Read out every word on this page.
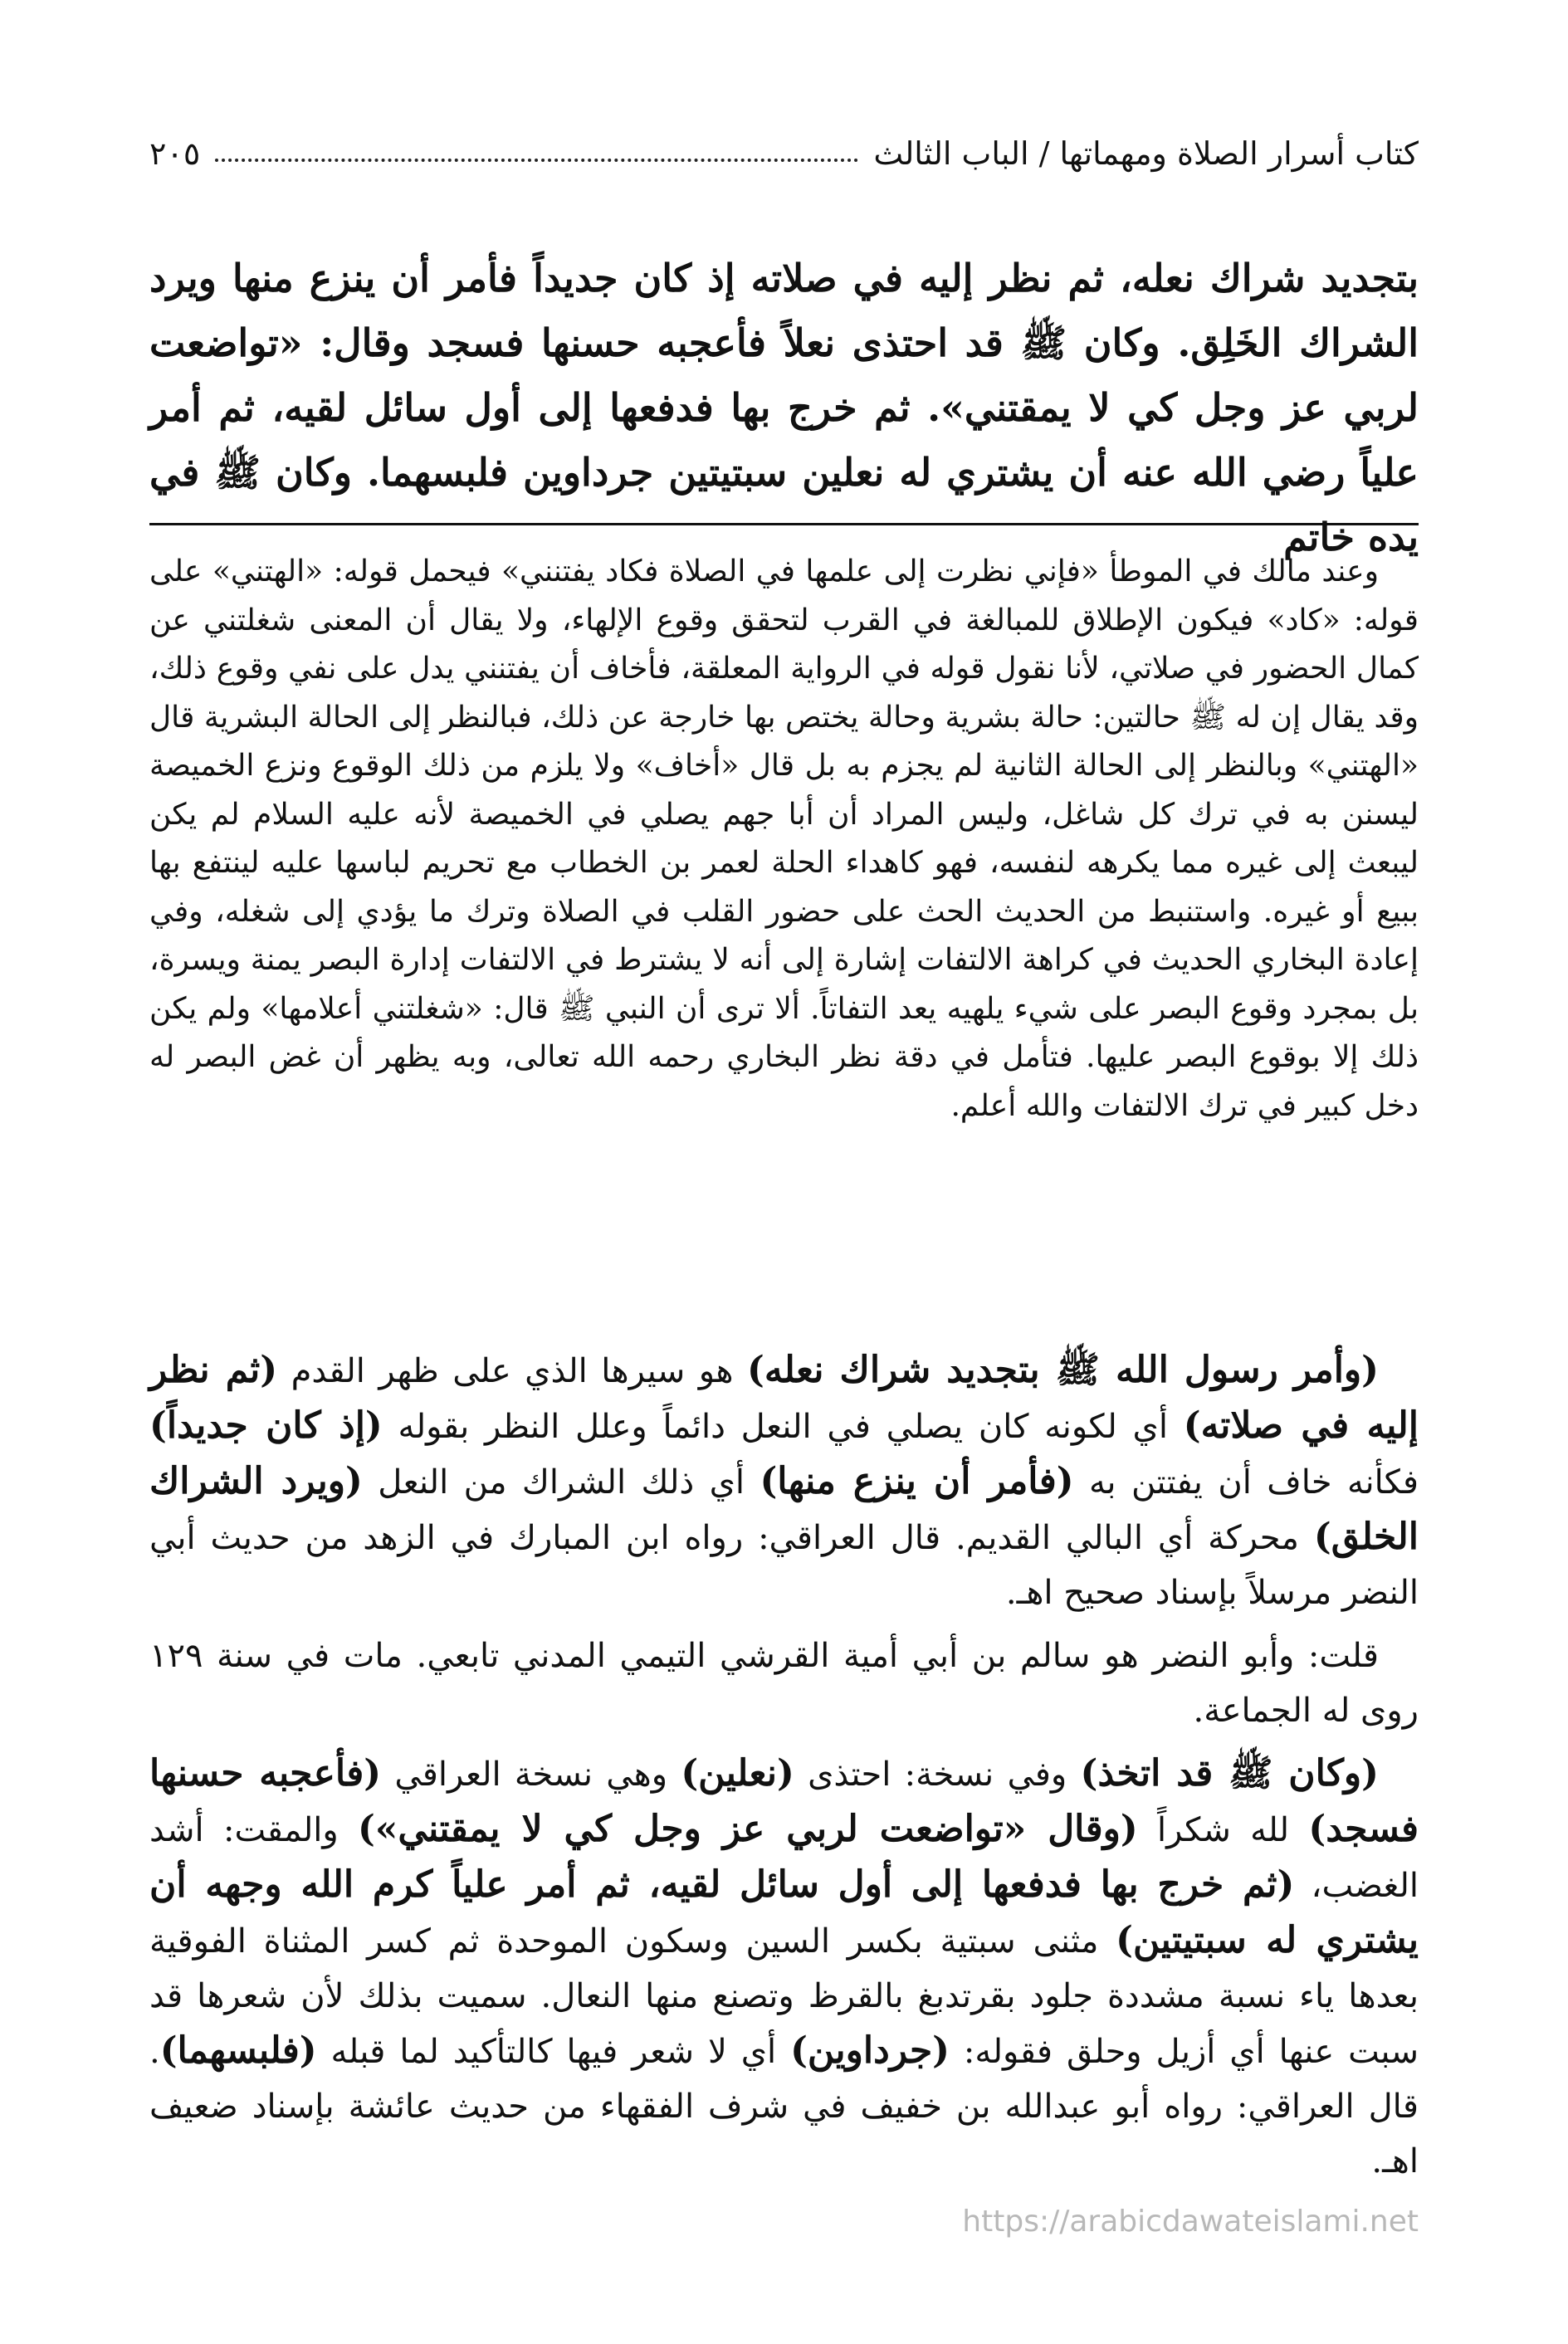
كتاب أسرار الصلاة ومهماتها / الباب الثالث
٢٠٥

بتجديد شراك نعله، ثم نظر إليه في صلاته إذ كان جديداً فأمر أن ينزع منها ويرد الشراك الخَلِق. وكان ﷺ قد احتذى نعلاً فأعجبه حسنها فسجد وقال: «تواضعت لربي عز وجل كي لا يمقتني». ثم خرج بها فدفعها إلى أول سائل لقيه، ثم أمر علياً رضي الله عنه أن يشتري له نعلين سبتيتين جرداوين فلبسهما. وكان ﷺ في يده خاتم

وعند مالك في الموطأ «فإني نظرت إلى علمها في الصلاة فكاد يفتنني» فيحمل قوله: «الهتني» على قوله: «كاد» فيكون الإطلاق للمبالغة في القرب لتحقق وقوع الإلهاء، ولا يقال أن المعنى شغلتني عن كمال الحضور في صلاتي، لأنا نقول قوله في الرواية المعلقة، فأخاف أن يفتنني يدل على نفي وقوع ذلك، وقد يقال إن له ﷺ حالتين: حالة بشرية وحالة يختص بها خارجة عن ذلك، فبالنظر إلى الحالة البشرية قال «الهتني» وبالنظر إلى الحالة الثانية لم يجزم به بل قال «أخاف» ولا يلزم من ذلك الوقوع ونزع الخميصة ليسنن به في ترك كل شاغل، وليس المراد أن أبا جهم يصلي في الخميصة لأنه عليه السلام لم يكن ليبعث إلى غيره مما يكرهه لنفسه، فهو كاهداء الحلة لعمر بن الخطاب مع تحريم لباسها عليه لينتفع بها ببيع أو غيره. واستنبط من الحديث الحث على حضور القلب في الصلاة وترك ما يؤدي إلى شغله، وفي إعادة البخاري الحديث في كراهة الالتفات إشارة إلى أنه لا يشترط في الالتفات إدارة البصر يمنة ويسرة، بل بمجرد وقوع البصر على شيء يلهيه يعد التفاتاً. ألا ترى أن النبي ﷺ قال: «شغلتني أعلامها» ولم يكن ذلك إلا بوقوع البصر عليها. فتأمل في دقة نظر البخاري رحمه الله تعالى، وبه يظهر أن غض البصر له دخل كبير في ترك الالتفات والله أعلم.

(وأمر رسول الله ﷺ بتجديد شراك نعله) هو سيرها الذي على ظهر القدم (ثم نظر إليه في صلاته) أي لكونه كان يصلي في النعل دائماً وعلل النظر بقوله (إذ كان جديداً) فكأنه خاف أن يفتتن به (فأمر أن ينزع منها) أي ذلك الشراك من النعل (ويرد الشراك الخلق) محركة أي البالي القديم. قال العراقي: رواه ابن المبارك في الزهد من حديث أبي النضر مرسلاً بإسناد صحيح اهـ.

قلت: وأبو النضر هو سالم بن أبي أمية القرشي التيمي المدني تابعي. مات في سنة ١٢٩ روى له الجماعة.

(وكان ﷺ قد اتخذ) وفي نسخة: احتذى (نعلين) وهي نسخة العراقي (فأعجبه حسنها فسجد) لله شكراً (وقال «تواضعت لربي عز وجل كي لا يمقتني») والمقت: أشد الغضب، (ثم خرج بها فدفعها إلى أول سائل لقيه، ثم أمر علياً كرم الله وجهه أن يشتري له سبتيتين) مثنى سبتية بكسر السين وسكون الموحدة ثم كسر المثناة الفوقية بعدها ياء نسبة مشددة جلود بقرتدبغ بالقرظ وتصنع منها النعال. سميت بذلك لأن شعرها قد سبت عنها أي أزيل وحلق فقوله: (جرداوين) أي لا شعر فيها كالتأكيد لما قبله (فلبسهما). قال العراقي: رواه أبو عبدالله بن خفيف في شرف الفقهاء من حديث عائشة بإسناد ضعيف اهـ.

https://arabicdawateislami.net
